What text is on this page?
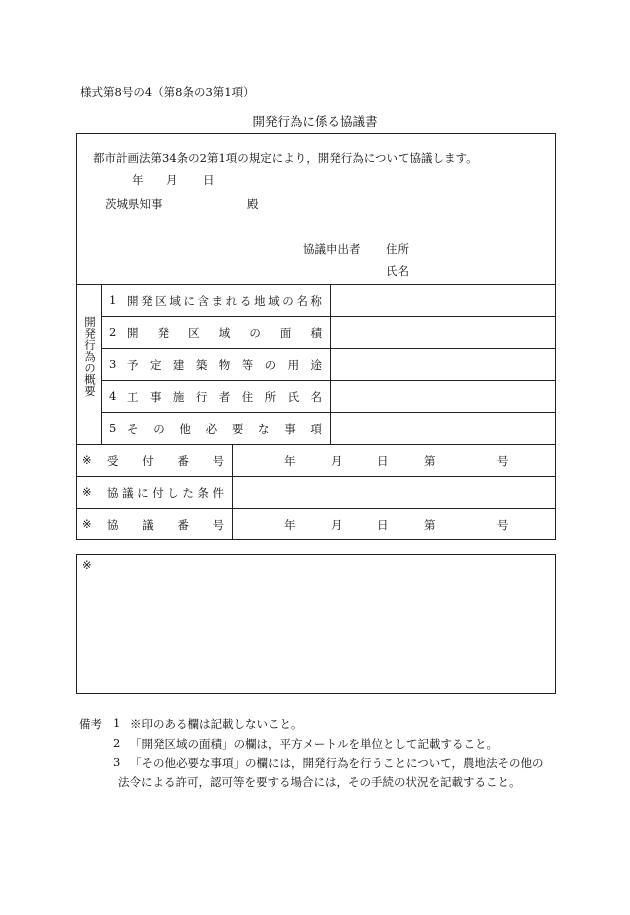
様式第8号の4（第8条の3第1項）
開発行為に係る協議書
都市計画法第34条の2第1項の規定により，開発行為について協議します。
年 月 日
茨城県知事	殿
協議申出者 住所
氏名
開発行為の概要
1 開 発 区 域 に 含 ま れ る 地 域 の 名 称
2 開 発 区 域 の 面 積
3 予 定 建 築 物 等 の 用 途
4 工 事 施 行 者 住 所 氏 名
5 そ の 他 必 要 な 事 項
※ 受 付 番 号	年	月	日	第	号
※ 協 議 に 付 し た 条 件
※ 協 議 番 号	年	月	日	第	号
※
備考 1 ※印のある欄は記載しないこと。
2 「開発区域の面積」の欄は，平方メートルを単位として記載すること。
3 「その他必要な事項」の欄には，開発行為を行うことについて，農地法その他の
法令による許可，認可等を要する場合には，その手続の状況を記載すること。
